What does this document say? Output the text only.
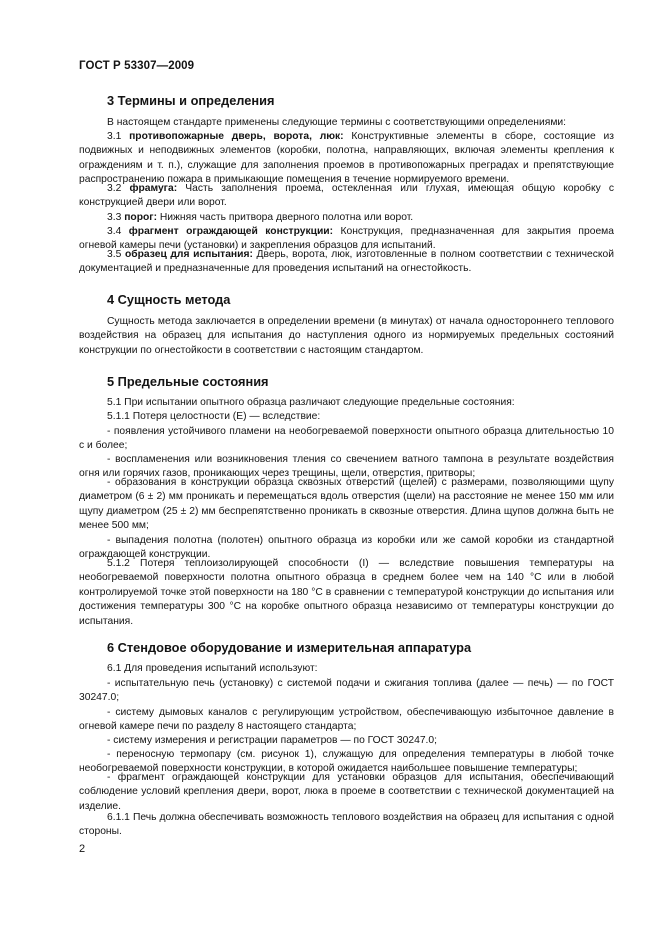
ГОСТ Р 53307—2009
3 Термины и определения

В настоящем стандарте применены следующие термины с соответствующими определениями:

3.1 противопожарные дверь, ворота, люк: Конструктивные элементы в сборе, состоящие из подвижных и неподвижных элементов (коробки, полотна, направляющих, включая элементы крепления к ограждениям и т. п.), служащие для заполнения проемов в противопожарных преградах и препятствующие распространению пожара в примыкающие помещения в течение нормируемого времени.

3.2 фрамуга: Часть заполнения проема, остекленная или глухая, имеющая общую коробку с конструкцией двери или ворот.

3.3 порог: Нижняя часть притвора дверного полотна или ворот.

3.4 фрагмент ограждающей конструкции: Конструкция, предназначенная для закрытия проема огневой камеры печи (установки) и закрепления образцов для испытаний.

3.5 образец для испытания: Дверь, ворота, люк, изготовленные в полном соответствии с технической документацией и предназначенные для проведения испытаний на огнестойкость.

4 Сущность метода

Сущность метода заключается в определении времени (в минутах) от начала одностороннего теплового воздействия на образец для испытания до наступления одного из нормируемых предельных состояний конструкции по огнестойкости в соответствии с настоящим стандартом.

5 Предельные состояния

5.1 При испытании опытного образца различают следующие предельные состояния:

5.1.1 Потеря целостности (Е) — вследствие:

- появления устойчивого пламени на необогреваемой поверхности опытного образца длительностью 10 с и более;

- воспламенения или возникновения тления со свечением ватного тампона в результате воздействия огня или горячих газов, проникающих через трещины, щели, отверстия, притворы;

- образования в конструкции образца сквозных отверстий (щелей) с размерами, позволяющими щупу диаметром (6 ± 2) мм проникать и перемещаться вдоль отверстия (щели) на расстояние не менее 150 мм или щупу диаметром (25 ± 2) мм беспрепятственно проникать в сквозные отверстия. Длина щупов должна быть не менее 500 мм;

- выпадения полотна (полотен) опытного образца из коробки или же самой коробки из стандартной ограждающей конструкции.

5.1.2 Потеря теплоизолирующей способности (I) — вследствие повышения температуры на необогреваемой поверхности полотна опытного образца в среднем более чем на 140 °С или в любой контролируемой точке этой поверхности на 180 °С в сравнении с температурой конструкции до испытания или достижения температуры 300 °С на коробке опытного образца независимо от температуры конструкции до испытания.

6 Стендовое оборудование и измерительная аппаратура

6.1 Для проведения испытаний используют:

- испытательную печь (установку) с системой подачи и сжигания топлива (далее — печь) — по ГОСТ 30247.0;

- систему дымовых каналов с регулирующим устройством, обеспечивающую избыточное давление в огневой камере печи по разделу 8 настоящего стандарта;

- систему измерения и регистрации параметров — по ГОСТ 30247.0;

- переносную термопару (см. рисунок 1), служащую для определения температуры в любой точке необогреваемой поверхности конструкции, в которой ожидается наибольшее повышение температуры;

- фрагмент ограждающей конструкции для установки образцов для испытания, обеспечивающий соблюдение условий крепления двери, ворот, люка в проеме в соответствии с технической документацией на изделие.

6.1.1 Печь должна обеспечивать возможность теплового воздействия на образец для испытания с одной стороны.

2
